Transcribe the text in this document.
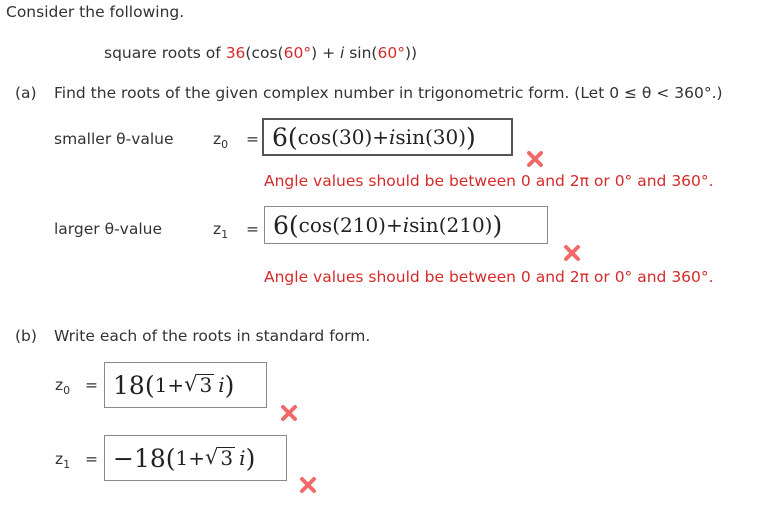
Consider the following.
square roots of 36(cos(60°) + i sin(60°))
(a) Find the roots of the given complex number in trigonometric form. (Let 0 ≤ θ < 360°.)
smaller θ-value	$z_0 = 6$ ( cos (30) + i sin (30) )
Angle values should be between 0 and 2π or 0° and 360°.
larger θ-value	$z_1 = 6$ ( cos (210) + i sin (210) )
Angle values should be between 0 and 2π or 0° and 360°.
(b) Write each of the roots in standard form.
$z_0 = 18$ ( 1 + √ 3 i )
$z_1 = -18$ ( 1 + √ 3 i )
